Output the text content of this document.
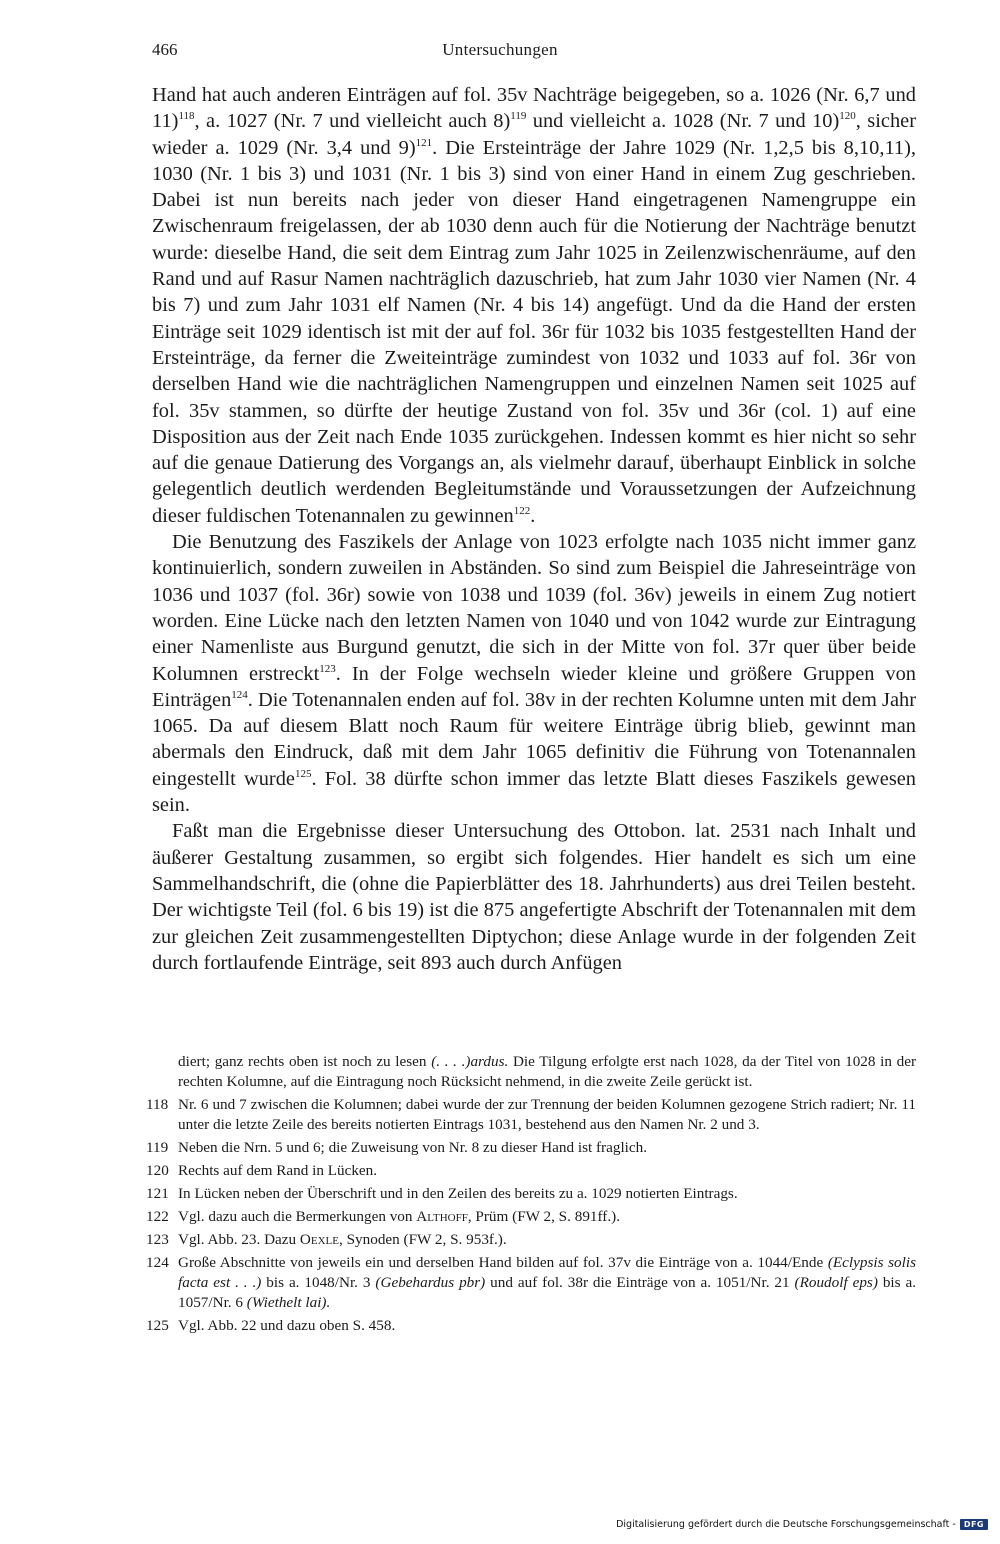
466	Untersuchungen

Hand hat auch anderen Einträgen auf fol. 35v Nachträge beigegeben, so a. 1026 (Nr. 6,7 und 11)$^{118}$, a. 1027 (Nr. 7 und vielleicht auch 8)$^{119}$ und vielleicht a. 1028 (Nr. 7 und 10)$^{120}$, sicher wieder a. 1029 (Nr. 3,4 und 9)$^{121}$. Die Ersteinträge der Jahre 1029 (Nr. 1,2,5 bis 8,10,11), 1030 (Nr. 1 bis 3) und 1031 (Nr. 1 bis 3) sind von einer Hand in einem Zug geschrieben. Dabei ist nun bereits nach jeder von dieser Hand eingetragenen Namengruppe ein Zwischenraum freigelassen, der ab 1030 denn auch für die Notierung der Nachträge benutzt wurde: dieselbe Hand, die seit dem Eintrag zum Jahr 1025 in Zeilenzwischenräume, auf den Rand und auf Rasur Namen nachträglich dazuschrieb, hat zum Jahr 1030 vier Namen (Nr. 4 bis 7) und zum Jahr 1031 elf Namen (Nr. 4 bis 14) angefügt. Und da die Hand der ersten Einträge seit 1029 identisch ist mit der auf fol. 36r für 1032 bis 1035 festgestellten Hand der Ersteinträge, da ferner die Zweiteinträge zumindest von 1032 und 1033 auf fol. 36r von derselben Hand wie die nachträglichen Namengruppen und einzelnen Namen seit 1025 auf fol. 35v stammen, so dürfte der heutige Zustand von fol. 35v und 36r (col. 1) auf eine Disposition aus der Zeit nach Ende 1035 zurückgehen. Indessen kommt es hier nicht so sehr auf die genaue Datierung des Vorgangs an, als vielmehr darauf, überhaupt Einblick in solche gelegentlich deutlich werdenden Begleitumstände und Voraussetzungen der Aufzeichnung dieser fuldischen Totenannalen zu gewinnen$^{122}$.

Die Benutzung des Faszikels der Anlage von 1023 erfolgte nach 1035 nicht immer ganz kontinuierlich, sondern zuweilen in Abständen. So sind zum Beispiel die Jahreseinträge von 1036 und 1037 (fol. 36r) sowie von 1038 und 1039 (fol. 36v) jeweils in einem Zug notiert worden. Eine Lücke nach den letzten Namen von 1040 und von 1042 wurde zur Eintragung einer Namenliste aus Burgund genutzt, die sich in der Mitte von fol. 37r quer über beide Kolumnen erstreckt$^{123}$. In der Folge wechseln wieder kleine und größere Gruppen von Einträgen$^{124}$. Die Totenannalen enden auf fol. 38v in der rechten Kolumne unten mit dem Jahr 1065. Da auf diesem Blatt noch Raum für weitere Einträge übrig blieb, gewinnt man abermals den Eindruck, daß mit dem Jahr 1065 definitiv die Führung von Totenannalen eingestellt wurde$^{125}$. Fol. 38 dürfte schon immer das letzte Blatt dieses Faszikels gewesen sein.

Faßt man die Ergebnisse dieser Untersuchung des Ottobon. lat. 2531 nach Inhalt und äußerer Gestaltung zusammen, so ergibt sich folgendes. Hier handelt es sich um eine Sammelhandschrift, die (ohne die Papierblätter des 18. Jahrhunderts) aus drei Teilen besteht. Der wichtigste Teil (fol. 6 bis 19) ist die 875 angefertigte Abschrift der Totenannalen mit dem zur gleichen Zeit zusammengestellten Diptychon; diese Anlage wurde in der folgenden Zeit durch fortlaufende Einträge, seit 893 auch durch Anfügen

diert; ganz rechts oben ist noch zu lesen (. . . .)ardus. Die Tilgung erfolgte erst nach 1028, da der Titel von 1028 in der rechten Kolumne, auf die Eintragung noch Rücksicht nehmend, in die zweite Zeile gerückt ist.
118 Nr. 6 und 7 zwischen die Kolumnen; dabei wurde der zur Trennung der beiden Kolumnen gezogene Strich radiert; Nr. 11 unter die letzte Zeile des bereits notierten Eintrags 1031, bestehend aus den Namen Nr. 2 und 3.
119 Neben die Nrn. 5 und 6; die Zuweisung von Nr. 8 zu dieser Hand ist fraglich.
120 Rechts auf dem Rand in Lücken.
121 In Lücken neben der Überschrift und in den Zeilen des bereits zu a. 1029 notierten Eintrags.
122 Vgl. dazu auch die Bermerkungen von Althoff, Prüm (FW 2, S. 891ff.).
123 Vgl. Abb. 23. Dazu Oexle, Synoden (FW 2, S. 953f.).
124 Große Abschnitte von jeweils ein und derselben Hand bilden auf fol. 37v die Einträge von a. 1044/Ende (Eclypsis solis facta est . . .) bis a. 1048/Nr. 3 (Gebehardus pbr) und auf fol. 38r die Einträge von a. 1051/Nr. 21 (Roudolf eps) bis a. 1057/Nr. 6 (Wiethelt lai).
125 Vgl. Abb. 22 und dazu oben S. 458.
Digitalisierung gefördert durch die Deutsche Forschungsgemeinschaft -	DFG
